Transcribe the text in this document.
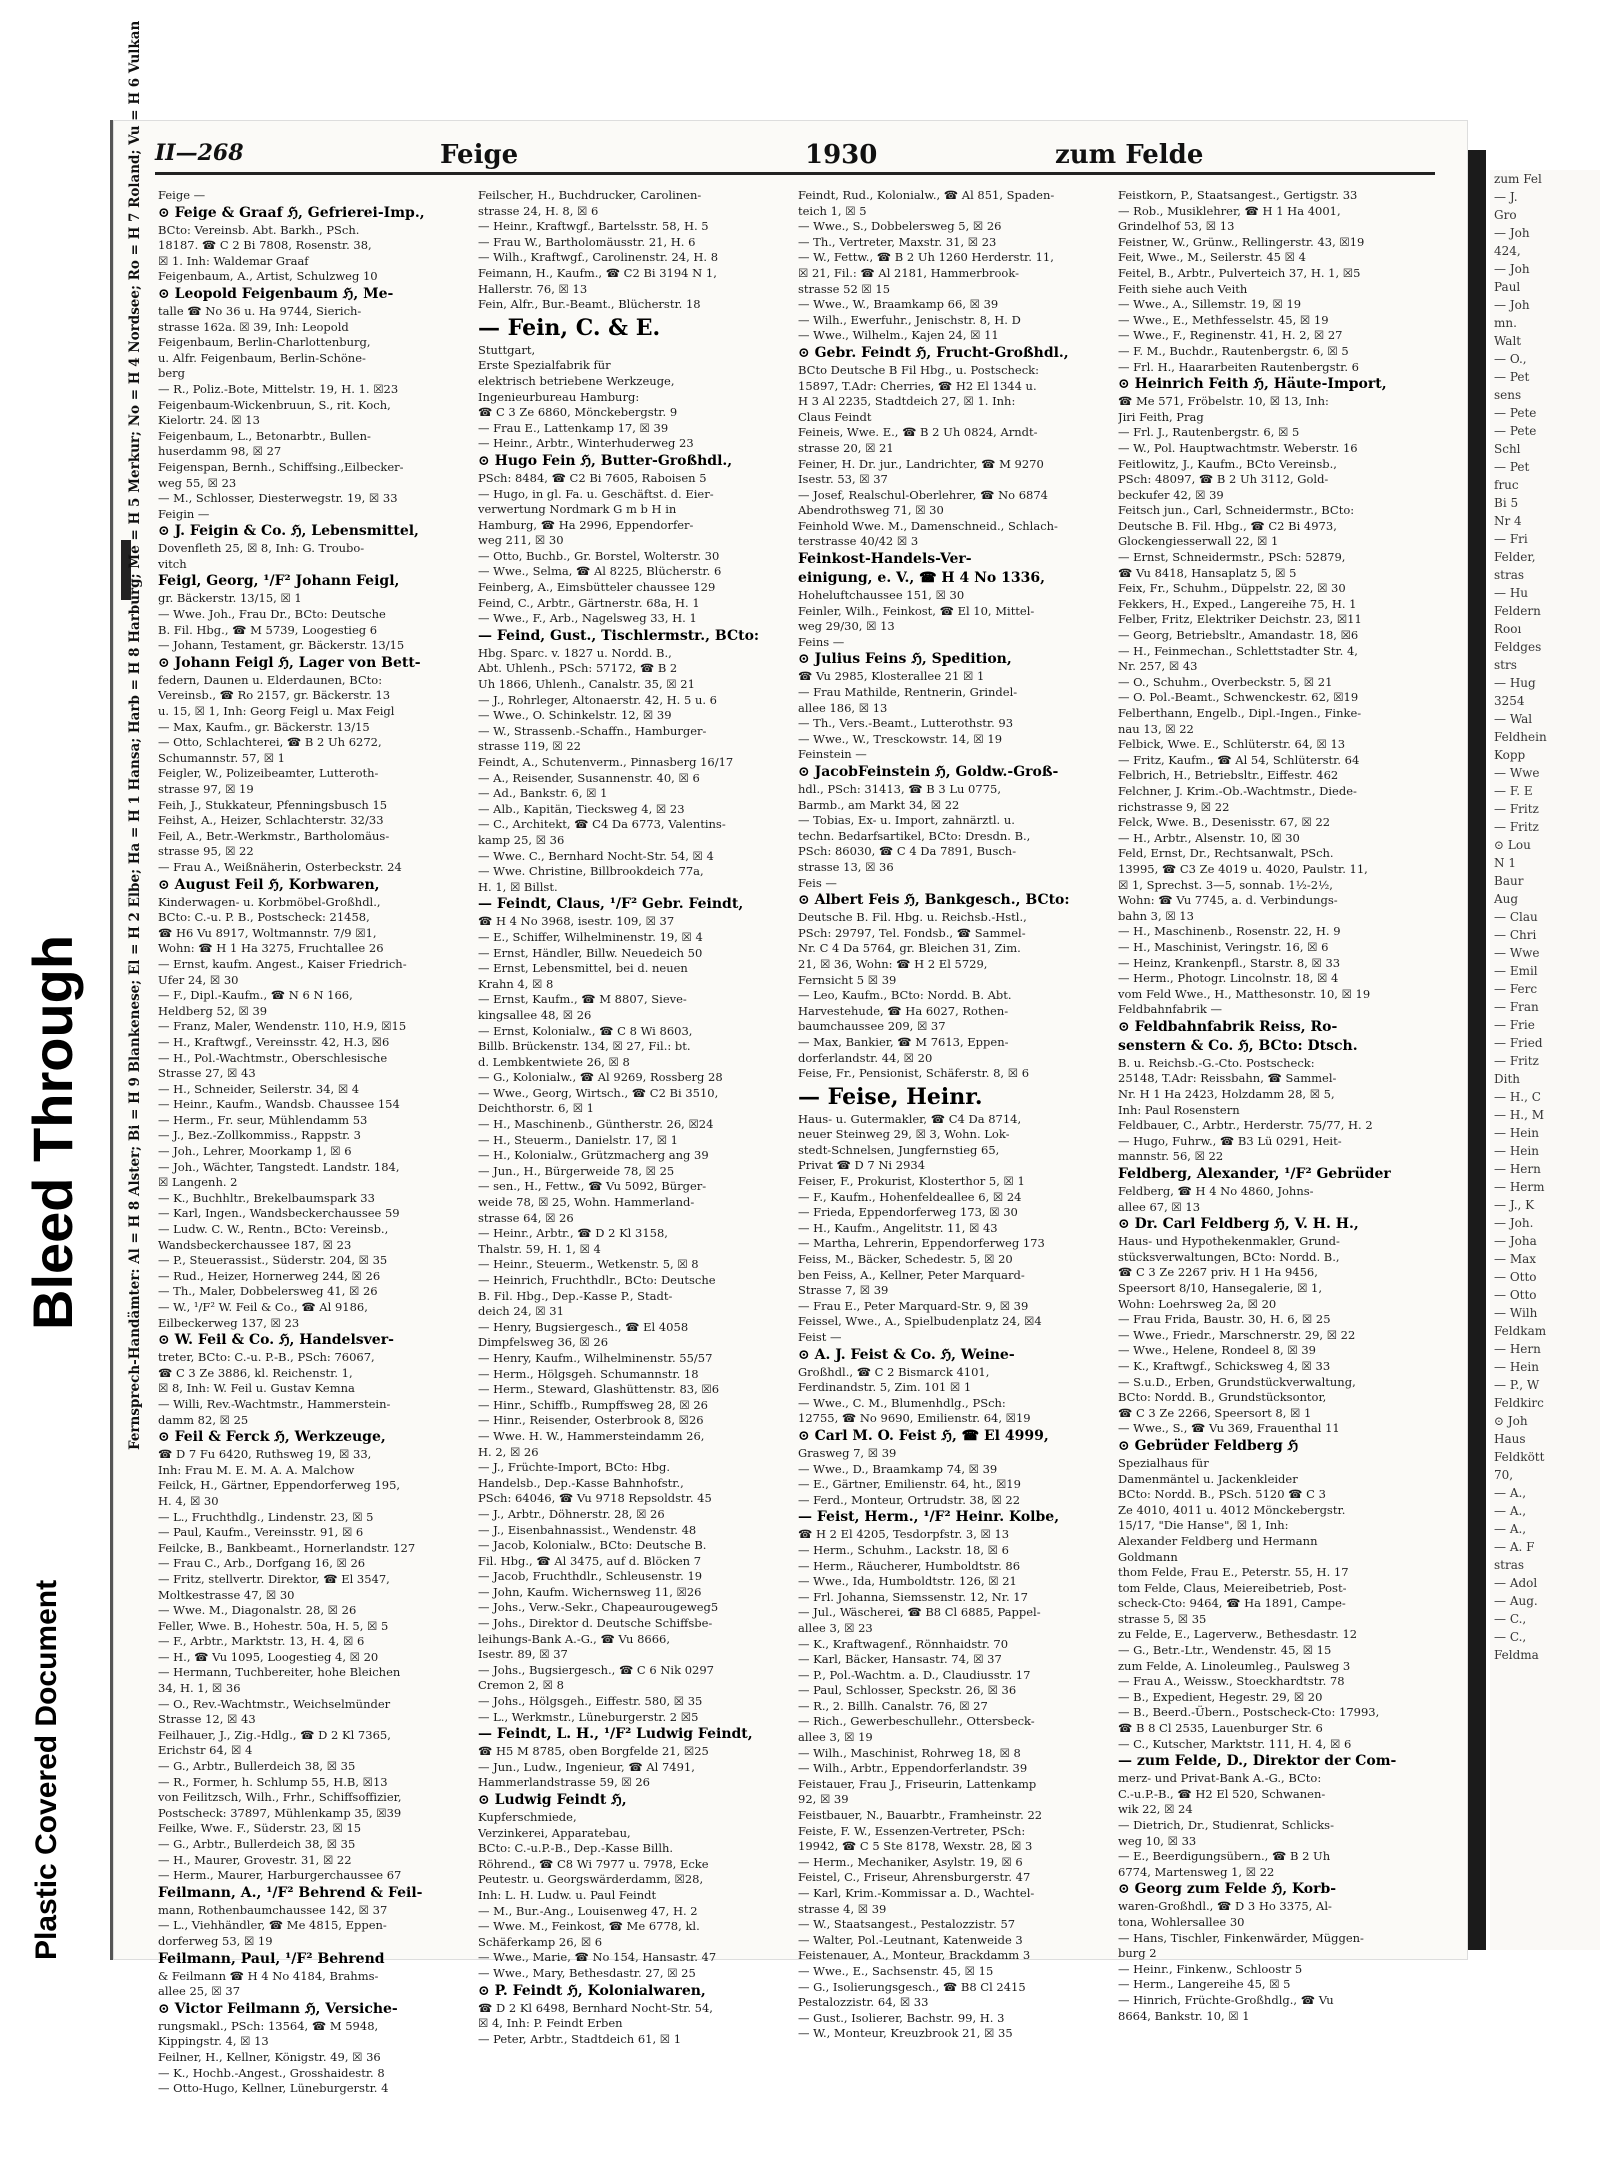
Bleed Through
Plastic Covered Document
II—268	Feige	1930	zum Felde
Fernsprech-Handämter: Al = H 8 Alster; Bi = H 9 Blankenese; El = H 2 Elbe; Ha = H 1 Hansa; Harb = H 8 Harburg; Me = H 5 Merkur; No = H 4 Nordsee; Ro = H 7 Roland; Vu = H 6 Vulkan Feige —
⊙ Feige & Graaf ℌ, Gefrierei-Imp.,
BCto: Vereinsb. Abt. Barkh., PSch.
18187. ☎ C 2 Bi 7808, Rosenstr. 38,
☒ 1. Inh: Waldemar Graaf
Feigenbaum, A., Artist, Schulzweg 10
⊙ Leopold Feigenbaum ℌ, Me-
talle ☎ No 36 u. Ha 9744, Sierich-
strasse 162a. ☒ 39, Inh: Leopold
Feigenbaum, Berlin-Charlottenburg,
u. Alfr. Feigenbaum, Berlin-Schöne-
berg
— R., Poliz.-Bote, Mittelstr. 19, H. 1. ☒23
Feigenbaum-Wickenbruun, S., rit. Koch,
Kielortr. 24. ☒ 13
Feigenbaum, L., Betonarbtr., Bullen-
huserdamm 98, ☒ 27
Feigenspan, Bernh., Schiffsing.,Eilbecker-
weg 55, ☒ 23
— M., Schlosser, Diesterwegstr. 19, ☒ 33
Feigin —
⊙ J. Feigin & Co. ℌ, Lebensmittel,
Dovenfleth 25, ☒ 8, Inh: G. Troubo-
vitch
Feigl, Georg, ¹/F² Johann Feigl,
gr. Bäckerstr. 13/15, ☒ 1
— Wwe. Joh., Frau Dr., BCto: Deutsche
B. Fil. Hbg., ☎ M 5739, Loogestieg 6
— Johann, Testament, gr. Bäckerstr. 13/15
⊙ Johann Feigl ℌ, Lager von Bett-
federn, Daunen u. Elderdaunen, BCto:
Vereinsb., ☎ Ro 2157, gr. Bäckerstr. 13
u. 15, ☒ 1, Inh: Georg Feigl u. Max Feigl
— Max, Kaufm., gr. Bäckerstr. 13/15
— Otto, Schlachterei, ☎ B 2 Uh 6272,
Schumannstr. 57, ☒ 1
Feigler, W., Polizeibeamter, Lutteroth-
strasse 97, ☒ 19
Feih, J., Stukkateur, Pfenningsbusch 15
Feihst, A., Heizer, Schlachterstr. 32/33
Feil, A., Betr.-Werkmstr., Bartholomäus-
strasse 95, ☒ 22
— Frau A., Weißnäherin, Osterbeckstr. 24
⊙ August Feil ℌ, Korbwaren,
Kinderwagen- u. Korbmöbel-Großhdl.,
BCto: C.-u. P. B., Postscheck: 21458,
☎ H6 Vu 8917, Woltmannstr. 7/9 ☒1,
Wohn: ☎ H 1 Ha 3275, Fruchtallee 26
— Ernst, kaufm. Angest., Kaiser Friedrich-
Ufer 24, ☒ 30
— F., Dipl.-Kaufm., ☎ N 6 N 166,
Heldberg 52, ☒ 39
— Franz, Maler, Wendenstr. 110, H.9, ☒15
— H., Kraftwgf., Vereinsstr. 42, H.3, ☒6
— H., Pol.-Wachtmstr., Oberschlesische
Strasse 27, ☒ 43
— H., Schneider, Seilerstr. 34, ☒ 4
— Heinr., Kaufm., Wandsb. Chaussee 154
— Herm., Fr. seur, Mühlendamm 53
— J., Bez.-Zollkommiss., Rappstr. 3
— Joh., Lehrer, Moorkamp 1, ☒ 6
— Joh., Wächter, Tangstedt. Landstr. 184,
☒ Langenh. 2
— K., Buchhltr., Brekelbaumspark 33
— Karl, Ingen., Wandsbeckerchaussee 59
— Ludw. C. W., Rentn., BCto: Vereinsb.,
Wandsbeckerchaussee 187, ☒ 23
— P., Steuerassist., Süderstr. 204, ☒ 35
— Rud., Heizer, Hornerweg 244, ☒ 26
— Th., Maler, Dobbelersweg 41, ☒ 26
— W., ¹/F² W. Feil & Co., ☎ Al 9186,
Eilbeckerweg 137, ☒ 23
⊙ W. Feil & Co. ℌ, Handelsver-
treter, BCto: C.-u. P.-B., PSch: 76067,
☎ C 3 Ze 3886, kl. Reichenstr. 1,
☒ 8, Inh: W. Feil u. Gustav Kemna
— Willi, Rev.-Wachtmstr., Hammerstein-
damm 82, ☒ 25
⊙ Feil & Ferck ℌ, Werkzeuge,
☎ D 7 Fu 6420, Ruthsweg 19, ☒ 33,
Inh: Frau M. E. M. A. A. Malchow
Feilck, H., Gärtner, Eppendorferweg 195,
H. 4, ☒ 30
— L., Fruchthdlg., Lindenstr. 23, ☒ 5
— Paul, Kaufm., Vereinsstr. 91, ☒ 6
Feilcke, B., Bankbeamt., Hornerlandstr. 127
— Frau C., Arb., Dorfgang 16, ☒ 26
— Fritz, stellvertr. Direktor, ☎ El 3547,
Moltkestrasse 47, ☒ 30
— Wwe. M., Diagonalstr. 28, ☒ 26
Feller, Wwe. B., Hohestr. 50a, H. 5, ☒ 5
— F., Arbtr., Marktstr. 13, H. 4, ☒ 6
— H., ☎ Vu 1095, Loogestieg 4, ☒ 20
— Hermann, Tuchbereiter, hohe Bleichen
34, H. 1, ☒ 36
— O., Rev.-Wachtmstr., Weichselmünder
Strasse 12, ☒ 43
Feilhauer, J., Zig.-Hdlg., ☎ D 2 Kl 7365,
Erichstr 64, ☒ 4
— G., Arbtr., Bullerdeich 38, ☒ 35
— R., Former, h. Schlump 55, H.B, ☒13
von Feilitzsch, Wilh., Frhr., Schiffsoffizier,
Postscheck: 37897, Mühlenkamp 35, ☒39
Feilke, Wwe. F., Süderstr. 23, ☒ 15
— G., Arbtr., Bullerdeich 38, ☒ 35
— H., Maurer, Grovestr. 31, ☒ 22
— Herm., Maurer, Harburgerchaussee 67
Feilmann, A., ¹/F² Behrend & Feil-
mann, Rothenbaumchaussee 142, ☒ 37
— L., Viehhändler, ☎ Me 4815, Eppen-
dorferweg 53, ☒ 19
Feilmann, Paul, ¹/F² Behrend
& Feilmann ☎ H 4 No 4184, Brahms-
allee 25, ☒ 37
⊙ Victor Feilmann ℌ, Versiche-
rungsmakl., PSch: 13564, ☎ M 5948,
Kippingstr. 4, ☒ 13
Feilner, H., Kellner, Königstr. 49, ☒ 36
— K., Hochb.-Angest., Grosshaidestr. 8
— Otto-Hugo, Kellner, Lüneburgerstr. 4
Feilscher, H., Buchdrucker, Carolinen-
strasse 24, H. 8, ☒ 6
— Heinr., Kraftwgf., Bartelsstr. 58, H. 5
— Frau W., Bartholomäusstr. 21, H. 6
— Wilh., Kraftwgf., Carolinenstr. 24, H. 8
Feimann, H., Kaufm., ☎ C2 Bi 3194 N 1,
Hallerstr. 76, ☒ 13
Fein, Alfr., Bur.-Beamt., Blücherstr. 18
— Fein, C. & E.
Stuttgart,
Erste Spezialfabrik für
elektrisch betriebene Werkzeuge,
Ingenieurbureau Hamburg:
☎ C 3 Ze 6860, Mönckebergstr. 9
— Frau E., Lattenkamp 17, ☒ 39
— Heinr., Arbtr., Winterhuderweg 23
⊙ Hugo Fein ℌ, Butter-Großhdl.,
PSch: 8484, ☎ C2 Bi 7605, Raboisen 5
— Hugo, in gl. Fa. u. Geschäftst. d. Eier-
verwertung Nordmark G m b H in
Hamburg, ☎ Ha 2996, Eppendorfer-
weg 211, ☒ 30
— Otto, Buchb., Gr. Borstel, Wolterstr. 30
— Wwe., Selma, ☎ Al 8225, Blücherstr. 6
Feinberg, A., Eimsbütteler chaussee 129
Feind, C., Arbtr., Gärtnerstr. 68a, H. 1
— Wwe., F., Arb., Nagelsweg 33, H. 1
— Feind, Gust., Tischlermstr., BCto:
Hbg. Sparc. v. 1827 u. Nordd. B.,
Abt. Uhlenh., PSch: 57172, ☎ B 2
Uh 1866, Uhlenh., Canalstr. 35, ☒ 21
— J., Rohrleger, Altonaerstr. 42, H. 5 u. 6
— Wwe., O. Schinkelstr. 12, ☒ 39
— W., Strassenb.-Schaffn., Hamburger-
strasse 119, ☒ 22
Feindt, A., Schutenverm., Pinnasberg 16/17
— A., Reisender, Susannenstr. 40, ☒ 6
— Ad., Bankstr. 6, ☒ 1
— Alb., Kapitän, Tiecksweg 4, ☒ 23
— C., Architekt, ☎ C4 Da 6773, Valentins-
kamp 25, ☒ 36
— Wwe. C., Bernhard Nocht-Str. 54, ☒ 4
— Wwe. Christine, Billbrookdeich 77a,
H. 1, ☒ Billst.
— Feindt, Claus, ¹/F² Gebr. Feindt,
☎ H 4 No 3968, isestr. 109, ☒ 37
— E., Schiffer, Wilhelminenstr. 19, ☒ 4
— Ernst, Händler, Billw. Neuedeich 50
— Ernst, Lebensmittel, bei d. neuen
Krahn 4, ☒ 8
— Ernst, Kaufm., ☎ M 8807, Sieve-
kingsallee 48, ☒ 26
— Ernst, Kolonialw., ☎ C 8 Wi 8603,
Billb. Brückenstr. 134, ☒ 27, Fil.: bt.
d. Lembkentwiete 26, ☒ 8
— G., Kolonialw., ☎ Al 9269, Rossberg 28
— Wwe., Georg, Wirtsch., ☎ C2 Bi 3510,
Deichthorstr. 6, ☒ 1
— H., Maschinenb., Güntherstr. 26, ☒24
— H., Steuerm., Danielstr. 17, ☒ 1
— H., Kolonialw., Grützmacherg ang 39
— Jun., H., Bürgerweide 78, ☒ 25
— sen., H., Fettw., ☎ Vu 5092, Bürger-
weide 78, ☒ 25, Wohn. Hammerland-
strasse 64, ☒ 26
— Heinr., Arbtr., ☎ D 2 Kl 3158,
Thalstr. 59, H. 1, ☒ 4
— Heinr., Steuerm., Wetkenstr. 5, ☒ 8
— Heinrich, Fruchthdlr., BCto: Deutsche
B. Fil. Hbg., Dep.-Kasse P., Stadt-
deich 24, ☒ 31
— Henry, Bugsiergesch., ☎ El 4058
Dimpfelsweg 36, ☒ 26
— Henry, Kaufm., Wilhelminenstr. 55/57
— Herm., Hölgsgeh. Schumannstr. 18
— Herm., Steward, Glashüttenstr. 83, ☒6
— Hinr., Schiffb., Rumpffsweg 28, ☒ 26
— Hinr., Reisender, Osterbrook 8, ☒26
— Wwe. H. W., Hammersteindamm 26,
H. 2, ☒ 26
— J., Früchte-Import, BCto: Hbg.
Handelsb., Dep.-Kasse Bahnhofstr.,
PSch: 64046, ☎ Vu 9718 Repsoldstr. 45
— J., Arbtr., Döhnerstr. 28, ☒ 26
— J., Eisenbahnassist., Wendenstr. 48
— Jacob, Kolonialw., BCto: Deutsche B.
Fil. Hbg., ☎ Al 3475, auf d. Blöcken 7
— Jacob, Fruchthdlr., Schleusenstr. 19
— John, Kaufm. Wichernsweg 11, ☒26
— Johs., Verw.-Sekr., Chapeaurougeweg5
— Johs., Direktor d. Deutsche Schiffsbe-
leihungs-Bank A.-G., ☎ Vu 8666,
Isestr. 89, ☒ 37
— Johs., Bugsiergesch., ☎ C 6 Nik 0297
Cremon 2, ☒ 8
— Johs., Hölgsgeh., Eiffestr. 580, ☒ 35
— L., Werkmstr., Lüneburgerstr. 2 ☒5
— Feindt, L. H., ¹/F² Ludwig Feindt,
☎ H5 M 8785, oben Borgfelde 21, ☒25
— Jun., Ludw., Ingenieur, ☎ Al 7491,
Hammerlandstrasse 59, ☒ 26
⊙ Ludwig Feindt ℌ,
Kupferschmiede,
Verzinkerei, Apparatebau,
BCto: C.-u.P.-B., Dep.-Kasse Billh.
Röhrend., ☎ C8 Wi 7977 u. 7978, Ecke
Peutestr. u. Georgswärderdamm, ☒28,
Inh: L. H. Ludw. u. Paul Feindt
— M., Bur.-Ang., Louisenweg 47, H. 2
— Wwe. M., Feinkost, ☎ Me 6778, kl.
Schäferkamp 26, ☒ 6
— Wwe., Marie, ☎ No 154, Hansastr. 47
— Wwe., Mary, Bethesdastr. 27, ☒ 25
⊙ P. Feindt ℌ, Kolonialwaren,
☎ D 2 Kl 6498, Bernhard Nocht-Str. 54,
☒ 4, Inh: P. Feindt Erben
— Peter, Arbtr., Stadtdeich 61, ☒ 1
Feindt, Rud., Kolonialw., ☎ Al 851, Spaden-
teich 1, ☒ 5
— Wwe., S., Dobbelersweg 5, ☒ 26
— Th., Vertreter, Maxstr. 31, ☒ 23
— W., Fettw., ☎ B 2 Uh 1260 Herderstr. 11,
☒ 21, Fil.: ☎ Al 2181, Hammerbrook-
strasse 52 ☒ 15
— Wwe., W., Braamkamp 66, ☒ 39
— Wilh., Ewerfuhr., Jenischstr. 8, H. D
— Wwe., Wilhelm., Kajen 24, ☒ 11
⊙ Gebr. Feindt ℌ, Frucht-Großhdl.,
BCto Deutsche B Fil Hbg., u. Postscheck:
15897, T.Adr: Cherries, ☎ H2 El 1344 u.
H 3 Al 2235, Stadtdeich 27, ☒ 1. Inh:
Claus Feindt
Feineis, Wwe. E., ☎ B 2 Uh 0824, Arndt-
strasse 20, ☒ 21
Feiner, H. Dr. jur., Landrichter, ☎ M 9270
Isestr. 53, ☒ 37
— Josef, Realschul-Oberlehrer, ☎ No 6874
Abendrothsweg 71, ☒ 30
Feinhold Wwe. M., Damenschneid., Schlach-
terstrasse 40/42 ☒ 3
Feinkost-Handels-Ver-
einigung, e. V., ☎ H 4 No 1336,
Hoheluftchaussee 151, ☒ 30
Feinler, Wilh., Feinkost, ☎ El 10, Mittel-
weg 29/30, ☒ 13
Feins —
⊙ Julius Feins ℌ, Spedition,
☎ Vu 2985, Klosterallee 21 ☒ 1
— Frau Mathilde, Rentnerin, Grindel-
allee 186, ☒ 13
— Th., Vers.-Beamt., Lutterothstr. 93
— Wwe., W., Tresckowstr. 14, ☒ 19
Feinstein —
⊙ JacobFeinstein ℌ, Goldw.-Groß-
hdl., PSch: 31413, ☎ B 3 Lu 0775,
Barmb., am Markt 34, ☒ 22
— Tobias, Ex- u. Import, zahnärztl. u.
techn. Bedarfsartikel, BCto: Dresdn. B.,
PSch: 86030, ☎ C 4 Da 7891, Busch-
strasse 13, ☒ 36
Feis —
⊙ Albert Feis ℌ, Bankgesch., BCto:
Deutsche B. Fil. Hbg. u. Reichsb.-Hstl.,
PSch: 29797, Tel. Fondsb., ☎ Sammel-
Nr. C 4 Da 5764, gr. Bleichen 31, Zim.
21, ☒ 36, Wohn: ☎ H 2 El 5729,
Fernsicht 5 ☒ 39
— Leo, Kaufm., BCto: Nordd. B. Abt.
Harvestehude, ☎ Ha 6027, Rothen-
baumchaussee 209, ☒ 37
— Max, Bankier, ☎ M 7613, Eppen-
dorferlandstr. 44, ☒ 20
Feise, Fr., Pensionist, Schäferstr. 8, ☒ 6
— Feise, Heinr.
Haus- u. Gutermakler, ☎ C4 Da 8714,
neuer Steinweg 29, ☒ 3, Wohn. Lok-
stedt-Schnelsen, Jungfernstieg 65,
Privat ☎ D 7 Ni 2934
Feiser, F., Prokurist, Klosterthor 5, ☒ 1
— F., Kaufm., Hohenfeldeallee 6, ☒ 24
— Frieda, Eppendorferweg 173, ☒ 30
— H., Kaufm., Angelitstr. 11, ☒ 43
— Martha, Lehrerin, Eppendorferweg 173
Feiss, M., Bäcker, Schedestr. 5, ☒ 20
ben Feiss, A., Kellner, Peter Marquard-
Strasse 7, ☒ 39
— Frau E., Peter Marquard-Str. 9, ☒ 39
Feissel, Wwe., A., Spielbudenplatz 24, ☒4
Feist —
⊙ A. J. Feist & Co. ℌ, Weine-
Großhdl., ☎ C 2 Bismarck 4101,
Ferdinandstr. 5, Zim. 101 ☒ 1
— Wwe., C. M., Blumenhdlg., PSch:
12755, ☎ No 9690, Emilienstr. 64, ☒19
⊙ Carl M. O. Feist ℌ, ☎ El 4999,
Grasweg 7, ☒ 39
— Wwe., D., Braamkamp 74, ☒ 39
— E., Gärtner, Emilienstr. 64, ht., ☒19
— Ferd., Monteur, Ortrudstr. 38, ☒ 22
— Feist, Herm., ¹/F² Heinr. Kolbe,
☎ H 2 El 4205, Tesdorpfstr. 3, ☒ 13
— Herm., Schuhm., Lackstr. 18, ☒ 6
— Herm., Räucherer, Humboldtstr. 86
— Wwe., Ida, Humboldtstr. 126, ☒ 21
— Frl. Johanna, Siemssenstr. 12, Nr. 17
— Jul., Wäscherei, ☎ B8 Cl 6885, Pappel-
allee 3, ☒ 23
— K., Kraftwagenf., Rönnhaidstr. 70
— Karl, Bäcker, Hansastr. 74, ☒ 37
— P., Pol.-Wachtm. a. D., Claudiusstr. 17
— Paul, Schlosser, Speckstr. 26, ☒ 36
— R., 2. Billh. Canalstr. 76, ☒ 27
— Rich., Gewerbeschullehr., Ottersbeck-
allee 3, ☒ 19
— Wilh., Maschinist, Rohrweg 18, ☒ 8
— Wilh., Arbtr., Eppendorferlandstr. 39
Feistauer, Frau J., Friseurin, Lattenkamp
92, ☒ 39
Feistbauer, N., Bauarbtr., Framheinstr. 22
Feiste, F. W., Essenzen-Vertreter, PSch:
19942, ☎ C 5 Ste 8178, Wexstr. 28, ☒ 3
— Herm., Mechaniker, Asylstr. 19, ☒ 6
Feistel, C., Friseur, Ahrensburgerstr. 47
— Karl, Krim.-Kommissar a. D., Wachtel-
strasse 4, ☒ 39
— W., Staatsangest., Pestalozzistr. 57
— Walter, Pol.-Leutnant, Katenweide 3
Feistenauer, A., Monteur, Brackdamm 3
— Wwe., E., Sachsenstr. 45, ☒ 15
— G., Isolierungsgesch., ☎ B8 Cl 2415
Pestalozzistr. 64, ☒ 33
— Gust., Isolierer, Bachstr. 99, H. 3
— W., Monteur, Kreuzbrook 21, ☒ 35
Feistkorn, P., Staatsangest., Gertigstr. 33
— Rob., Musiklehrer, ☎ H 1 Ha 4001,
Grindelhof 53, ☒ 13
Feistner, W., Grünw., Rellingerstr. 43, ☒19
Feit, Wwe., M., Seilerstr. 45 ☒ 4
Feitel, B., Arbtr., Pulverteich 37, H. 1, ☒5
Feith siehe auch Veith
— Wwe., A., Sillemstr. 19, ☒ 19
— Wwe., E., Methfesselstr. 45, ☒ 19
— Wwe., F., Reginenstr. 41, H. 2, ☒ 27
— F. M., Buchdr., Rautenbergstr. 6, ☒ 5
— Frl. H., Haararbeiten Rautenbergstr. 6
⊙ Heinrich Feith ℌ, Häute-Import,
☎ Me 571, Fröbelstr. 10, ☒ 13, Inh:
Jiri Feith, Prag
— Frl. J., Rautenbergstr. 6, ☒ 5
— W., Pol. Hauptwachtmstr. Weberstr. 16
Feitlowitz, J., Kaufm., BCto Vereinsb.,
PSch: 48097, ☎ B 2 Uh 3112, Gold-
beckufer 42, ☒ 39
Feitsch jun., Carl, Schneidermstr., BCto:
Deutsche B. Fil. Hbg., ☎ C2 Bi 4973,
Glockengiesserwall 22, ☒ 1
— Ernst, Schneidermstr., PSch: 52879,
☎ Vu 8418, Hansaplatz 5, ☒ 5
Feix, Fr., Schuhm., Düppelstr. 22, ☒ 30
Fekkers, H., Exped., Langereihe 75, H. 1
Felber, Fritz, Elektriker Deichstr. 23, ☒11
— Georg, Betriebsltr., Amandastr. 18, ☒6
— H., Feinmechan., Schlettstadter Str. 4,
Nr. 257, ☒ 43
— O., Schuhm., Overbeckstr. 5, ☒ 21
— O. Pol.-Beamt., Schwenckestr. 62, ☒19
Felberthann, Engelb., Dipl.-Ingen., Finke-
nau 13, ☒ 22
Felbick, Wwe. E., Schlüterstr. 64, ☒ 13
— Fritz, Kaufm., ☎ Al 54, Schlüterstr. 64
Felbrich, H., Betriebsltr., Eiffestr. 462
Felchner, J. Krim.-Ob.-Wachtmstr., Diede-
richstrasse 9, ☒ 22
Felck, Wwe. B., Desenisstr. 67, ☒ 22
— H., Arbtr., Alsenstr. 10, ☒ 30
Feld, Ernst, Dr., Rechtsanwalt, PSch.
13995, ☎ C3 Ze 4019 u. 4020, Paulstr. 11,
☒ 1, Sprechst. 3—5, sonnab. 1½-2½,
Wohn: ☎ Vu 7745, a. d. Verbindungs-
bahn 3, ☒ 13
— H., Maschinenb., Rosenstr. 22, H. 9
— H., Maschinist, Veringstr. 16, ☒ 6
— Heinz, Krankenpfl., Starstr. 8, ☒ 33
— Herm., Photogr. Lincolnstr. 18, ☒ 4
vom Feld Wwe., H., Matthesonstr. 10, ☒ 19
Feldbahnfabrik —
⊙ Feldbahnfabrik Reiss, Ro-
senstern & Co. ℌ, BCto: Dtsch.
B. u. Reichsb.-G.-Cto. Postscheck:
25148, T.Adr: Reissbahn, ☎ Sammel-
Nr. H 1 Ha 2423, Holzdamm 28, ☒ 5,
Inh: Paul Rosenstern
Feldbauer, C., Arbtr., Herderstr. 75/77, H. 2
— Hugo, Fuhrw., ☎ B3 Lü 0291, Heit-
mannstr. 56, ☒ 22
Feldberg, Alexander, ¹/F² Gebrüder
Feldberg, ☎ H 4 No 4860, Johns-
allee 67, ☒ 13
⊙ Dr. Carl Feldberg ℌ, V. H. H.,
Haus- und Hypothekenmakler, Grund-
stücksverwaltungen, BCto: Nordd. B.,
☎ C 3 Ze 2267 priv. H 1 Ha 9456,
Speersort 8/10, Hansegalerie, ☒ 1,
Wohn: Loehrsweg 2a, ☒ 20
— Frau Frida, Baustr. 30, H. 6, ☒ 25
— Wwe., Friedr., Marschnerstr. 29, ☒ 22
— Wwe., Helene, Rondeel 8, ☒ 39
— K., Kraftwgf., Schicksweg 4, ☒ 33
— S.u.D., Erben, Grundstückverwaltung,
BCto: Nordd. B., Grundstücksontor,
☎ C 3 Ze 2266, Speersort 8, ☒ 1
— Wwe., S., ☎ Vu 369, Frauenthal 11
⊙ Gebrüder Feldberg ℌ
Spezialhaus für
Damenmäntel u. Jackenkleider
BCto: Nordd. B., PSch. 5120 ☎ C 3
Ze 4010, 4011 u. 4012 Mönckebergstr.
15/17, "Die Hanse", ☒ 1, Inh:
Alexander Feldberg und Hermann
Goldmann
thom Felde, Frau E., Peterstr. 55, H. 17
tom Felde, Claus, Meiereibetrieb, Post-
scheck-Cto: 9464, ☎ Ha 1891, Campe-
strasse 5, ☒ 35
zu Felde, E., Lagerverw., Bethesdastr. 12
— G., Betr.-Ltr., Wendenstr. 45, ☒ 15
zum Felde, A. Linoleumleg., Paulsweg 3
— Frau A., Weissw., Stoeckhardtstr. 78
— B., Expedient, Hegestr. 29, ☒ 20
— B., Beerd.-Übern., Postscheck-Cto: 17993,
☎ B 8 Cl 2535, Lauenburger Str. 6
— C., Kutscher, Marktstr. 111, H. 4, ☒ 6
— zum Felde, D., Direktor der Com-
merz- und Privat-Bank A.-G., BCto:
C.-u.P.-B., ☎ H2 El 520, Schwanen-
wik 22, ☒ 24
— Dietrich, Dr., Studienrat, Schlicks-
weg 10, ☒ 33
— E., Beerdigungsübern., ☎ B 2 Uh
6774, Martensweg 1, ☒ 22
⊙ Georg zum Felde ℌ, Korb-
waren-Großhdl., ☎ D 3 Ho 3375, Al-
tona, Wohlersallee 30
— Hans, Tischler, Finkenwärder, Müggen-
burg 2
— Heinr., Finkenw., Schloostr 5
— Herm., Langereihe 45, ☒ 5
— Hinrich, Früchte-Großhdlg., ☎ Vu
8664, Bankstr. 10, ☒ 1
zum Fel
— J.
Gro
— Joh
424,
— Joh
Paul
— Joh
mn.
Walt
— O.,
— Pet
sens
— Pete
— Pete
Schl
— Pet
fruc
Bi 5
Nr 4
— Fri
Felder,
stras
— Hu
Feldern
Rooı
Feldges
strs
— Hug
3254
— Wal
Feldhein
Kopp
— Wwe
— F. E
— Fritz
— Fritz
⊙ Lou
N 1
Baur
Aug
— Clau
— Chri
— Wwe
— Emil
— Ferc
— Fran
— Frie
— Fried
— Fritz
Dith
— H., C
— H., M
— Hein
— Hein
— Hern
— Herm
— J., K
— Joh.
— Joha
— Max
— Otto
— Otto
— Wilh
Feldkam
— Hern
— Hein
— P., W
Feldkirc
⊙ Joh
Haus
Feldkött
70,
— A.,
— A.,
— A.,
— A. F
stras
— Adol
— Aug.
— C.,
— C.,
Feldma
